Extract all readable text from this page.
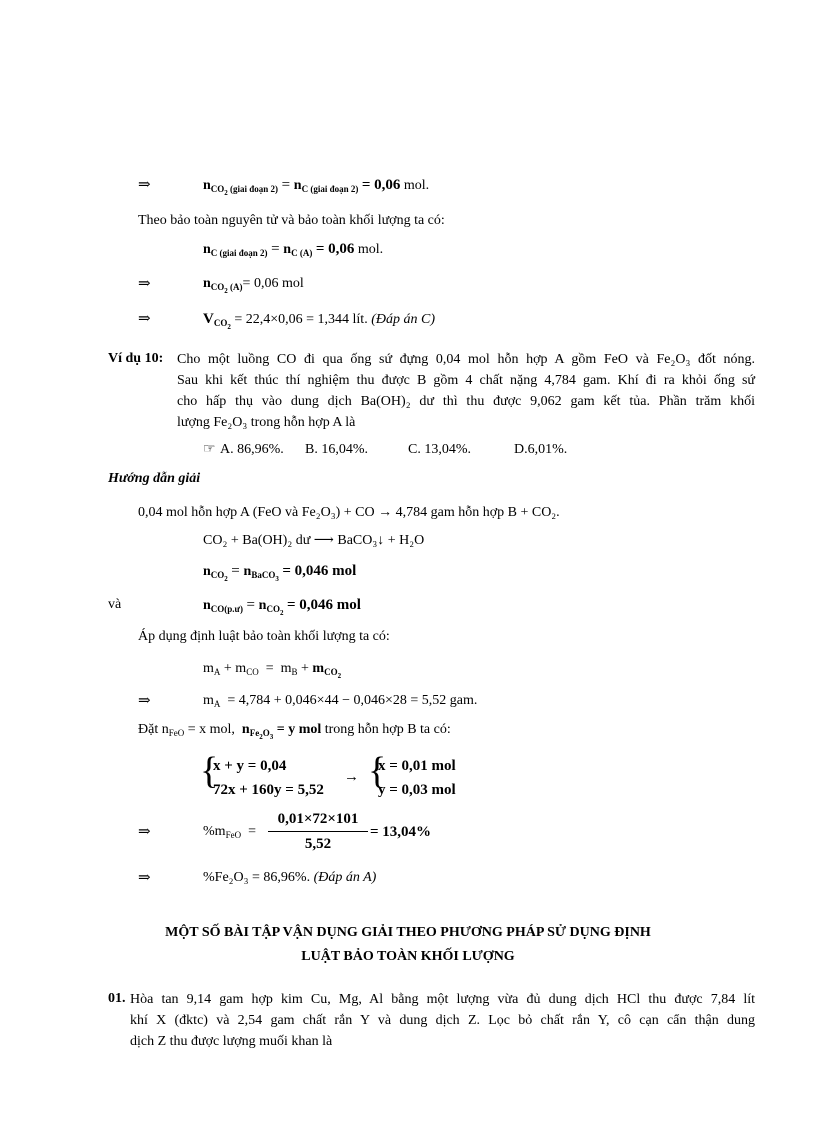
⇒	$n_{CO_2 (giai đoạn 2)} = n_{C (giai đoạn 2)} = 0,06$ mol.
Theo bảo toàn nguyên tử và bảo toàn khối lượng ta có:
$n_{C (giai đoạn 2)} = n_{C (A)} = 0,06$ mol.
⇒	$n_{CO_2 (A)}= 0,06$ mol
⇒	$V_{CO_2} = 22,4\times 0,06 = 1,344$ lít. (Đáp án C)
Ví dụ 10: Cho một luồng CO đi qua ống sứ đựng 0,04 mol hỗn hợp A gồm FeO và Fe₂O₃ đốt nóng.
Sau khi kết thúc thí nghiệm thu được B gồm 4 chất nặng 4,784 gam. Khí đi ra khỏi ống sứ
cho hấp thụ vào dung dịch Ba(OH)₂ dư thì thu được 9,062 gam kết tủa. Phần trăm khối
lượng Fe₂O₃ trong hỗn hợp A là
☞ A. 86,96%. B. 16,04%.	C. 13,04%.	D.6,01%.
Hướng dẫn giải
0,04 mol hỗn hợp A (FeO và Fe₂O₃) + CO → 4,784 gam hỗn hợp B + CO₂.
CO₂ + Ba(OH)₂ dư ⟶ BaCO₃↓ + H₂O
$n_{CO_2} = n_{BaCO_3} = 0,046$ mol
và	$n_{CO(p.ư)} = n_{CO_2} = 0,046$ mol
Áp dụng định luật bảo toàn khối lượng ta có:
$m_A + m_{CO} = m_B + m_{CO_2}$
⇒	$m_A = 4,784 + 0,046\times 44 - 0,046\times 28 = 5,52$ gam.
Đặt $n_{FeO} = x$ mol, $n_{Fe_2O_3} = y$ mol trong hỗn hợp B ta có:
{
x + y = 0,04
72x + 160y = 5,52
→ {
x = 0,01 mol
y = 0,03 mol
⇒	$\%m_{FeO}$  =
0,01×72×101
5,52
= 13,04%
⇒	%Fe₂O₃ = 86,96%. (Đáp án A)
MỘT SỐ BÀI TẬP VẬN DỤNG GIẢI THEO PHƯƠNG PHÁP SỬ DỤNG ĐỊNH
LUẬT BẢO TOÀN KHỐI LƯỢNG
01. Hòa tan 9,14 gam hợp kim Cu, Mg, Al bằng một lượng vừa đủ dung dịch HCl thu được 7,84 lít
khí X (đktc) và 2,54 gam chất rắn Y và dung dịch Z. Lọc bỏ chất rắn Y, cô cạn cẩn thận dung
dịch Z thu được lượng muối khan là
